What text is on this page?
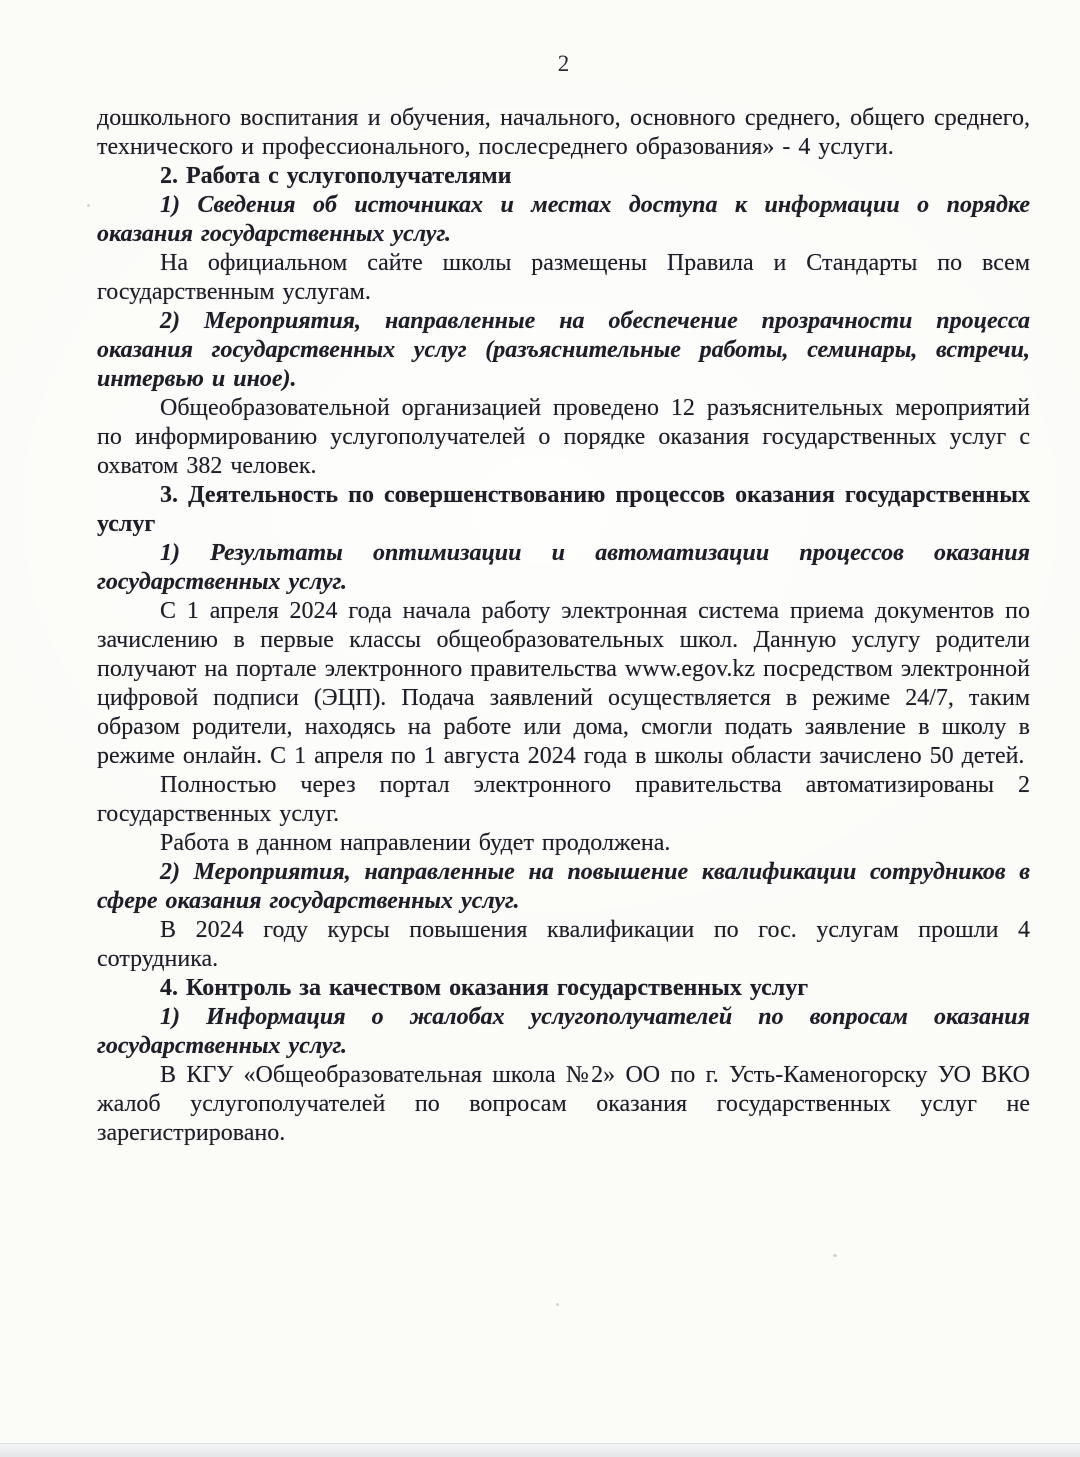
2

дошкольного воспитания и обучения, начального, основного среднего, общего среднего, технического и профессионального, послесреднего образования» - 4 услуги.

2. Работа с услугополучателями

1) Сведения об источниках и местах доступа к информации о порядке оказания государственных услуг.

На официальном сайте школы размещены Правила и Стандарты по всем государственным услугам.

2) Мероприятия, направленные на обеспечение прозрачности процесса оказания государственных услуг (разъяснительные работы, семинары, встречи, интервью и иное).

Общеобразовательной организацией проведено 12 разъяснительных мероприятий по информированию услугополучателей о порядке оказания государственных услуг с охватом 382 человек.

3. Деятельность по совершенствованию процессов оказания государственных услуг

1) Результаты оптимизации и автоматизации процессов оказания государственных услуг.

С 1 апреля 2024 года начала работу электронная система приема документов по зачислению в первые классы общеобразовательных школ. Данную услугу родители получают на портале электронного правительства www.egov.kz посредством электронной цифровой подписи (ЭЦП). Подача заявлений осуществляется в режиме 24/7, таким образом родители, находясь на работе или дома, смогли подать заявление в школу в режиме онлайн. С 1 апреля по 1 августа 2024 года в школы области зачислено 50 детей.

Полностью через портал электронного правительства автоматизированы 2 государственных услуг.

Работа в данном направлении будет продолжена.

2) Мероприятия, направленные на повышение квалификации сотрудников в сфере оказания государственных услуг.

В 2024 году курсы повышения квалификации по гос. услугам прошли 4 сотрудника.

4. Контроль за качеством оказания государственных услуг

1) Информация о жалобах услугополучателей по вопросам оказания государственных услуг.

В КГУ «Общеобразовательная школа №2» ОО по г. Усть-Каменогорску УО ВКО жалоб услугополучателей по вопросам оказания государственных услуг не зарегистрировано.
